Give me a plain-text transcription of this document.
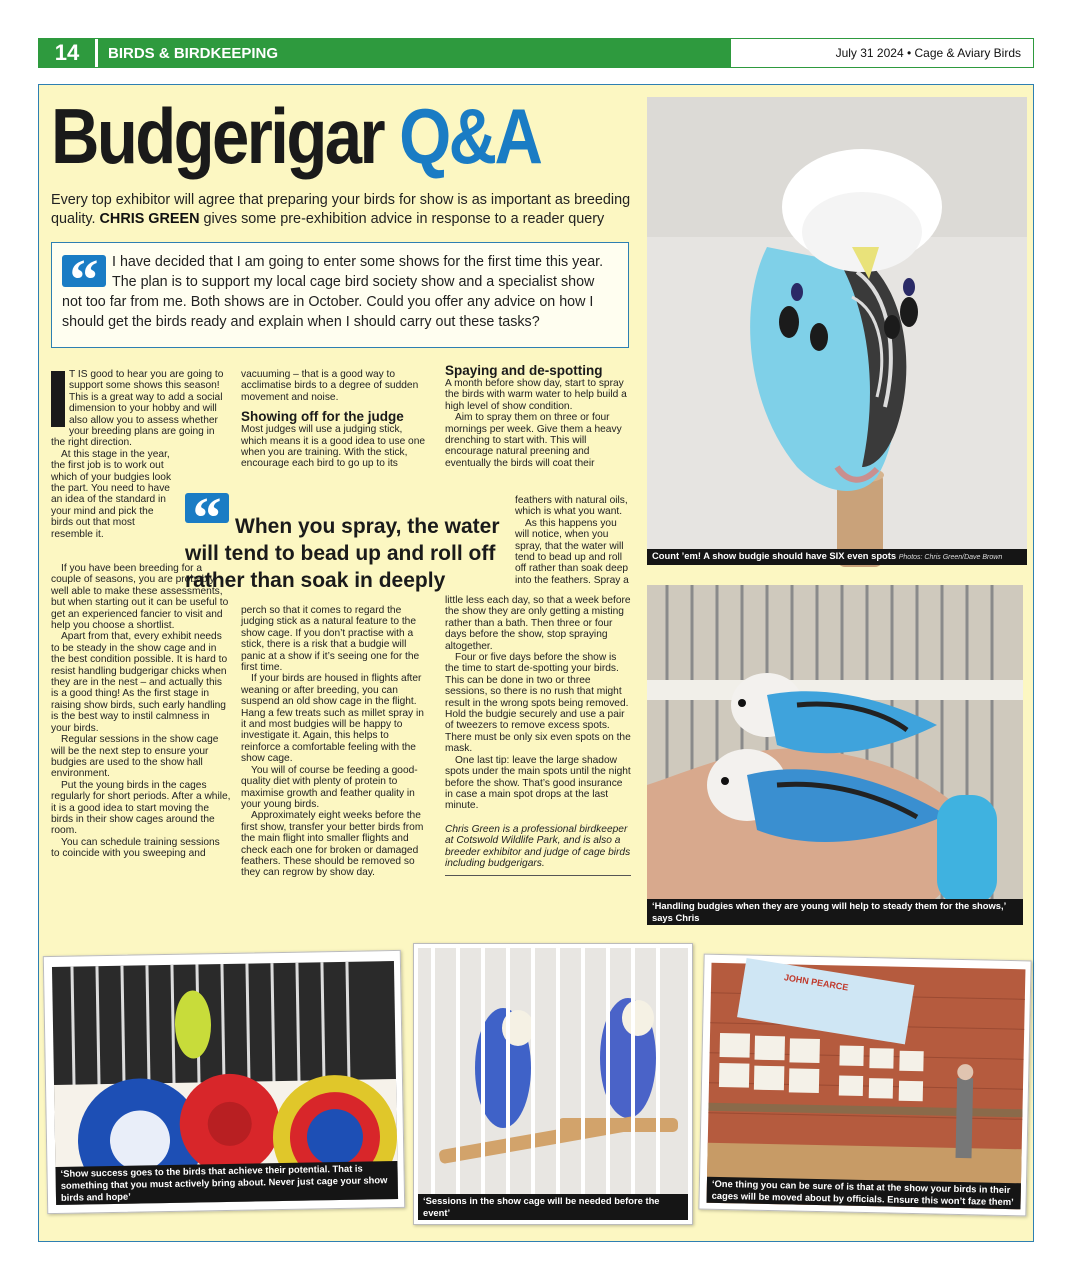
14	BIRDS & BIRDKEEPING	July 31 2024 • Cage & Aviary Birds
Budgerigar Q&A
Every top exhibitor will agree that preparing your birds for show is as important as breeding quality. CHRIS GREEN gives some pre-exhibition advice in response to a reader query
“ I have decided that I am going to enter some shows for the first time this year. The plan is to support my local cage bird society show and a specialist show not too far from me. Both shows are in October. Could you offer any advice on how I should get the birds ready and explain when I should carry out these tasks?

T IS good to hear you are going to support some shows this season! This is a great way to add a social dimension to your hobby and will also allow you to assess whether your breeding plans are going in the right direction.

At this stage in the year, the first job is to work out which of your budgies look the part. You need to have an idea of the standard in your mind and pick the birds out that most resemble it.

If you have been breeding for a couple of seasons, you are probably well able to make these assessments, but when starting out it can be useful to get an experienced fancier to visit and help you choose a shortlist.

Apart from that, every exhibit needs to be steady in the show cage and in the best condition possible. It is hard to resist handling budgerigar chicks when they are in the nest – and actually this is a good thing! As the first stage in raising show birds, such early handling is the best way to instil calmness in your birds.

Regular sessions in the show cage will be the next step to ensure your budgies are used to the show hall environment.

Put the young birds in the cages regularly for short periods. After a while, it is a good idea to start moving the birds in their show cages around the room.

You can schedule training sessions to coincide with you sweeping and

vacuuming – that is a good way to acclimatise birds to a degree of sudden movement and noise.

Showing off for the judge

Most judges will use a judging stick, which means it is a good idea to use one when you are training. With the stick, encourage each bird to go up to its

perch so that it comes to regard the judging stick as a natural feature to the show cage. If you don’t practise with a stick, there is a risk that a budgie will panic at a show if it’s seeing one for the first time.

If your birds are housed in flights after weaning or after breeding, you can suspend an old show cage in the flight. Hang a few treats such as millet spray in it and most budgies will be happy to investigate it. Again, this helps to reinforce a comfortable feeling with the show cage.

You will of course be feeding a good-quality diet with plenty of protein to maximise growth and feather quality in your young birds.

Approximately eight weeks before the first show, transfer your better birds from the main flight into smaller flights and check each one for broken or damaged feathers. These should be removed so they can regrow by show day.

Spaying and de-spotting

A month before show day, start to spray the birds with warm water to help build a high level of show condition.

Aim to spray them on three or four mornings per week. Give them a heavy drenching to start with. This will encourage natural preening and eventually the birds will coat their

feathers with natural oils, which is what you want.

As this happens you will notice, when you spray, that the water will tend to bead up and roll off rather than soak deep into the feathers. Spray a

little less each day, so that a week before the show they are only getting a misting rather than a bath. Then three or four days before the show, stop spraying altogether.

Four or five days before the show is the time to start de-spotting your birds. This can be done in two or three sessions, so there is no rush that might result in the wrong spots being removed. Hold the budgie securely and use a pair of tweezers to remove excess spots. There must be only six even spots on the mask.

One last tip: leave the large shadow spots under the main spots until the night before the show. That’s good insurance in case a main spot drops at the last minute.

Chris Green is a professional birdkeeper at Cotswold Wildlife Park, and is also a breeder exhibitor and judge of cage birds including budgerigars.

“ When you spray, the water will tend to bead up and roll off rather than soak in deeply
Count ’em! A show budgie should have SIX even spots Photos: Chris Green/Dave Brown
‘Handling budgies when they are young will help to steady them for the shows,’ says Chris
‘Show success goes to the birds that achieve their potential. That is something that you must actively bring about. Never just cage your show birds and hope’	‘Sessions in the show cage will be needed before the event’
JOHN PEARCE
‘One thing you can be sure of is that at the show your birds in their cages will be moved about by officials. Ensure this won’t faze them’
